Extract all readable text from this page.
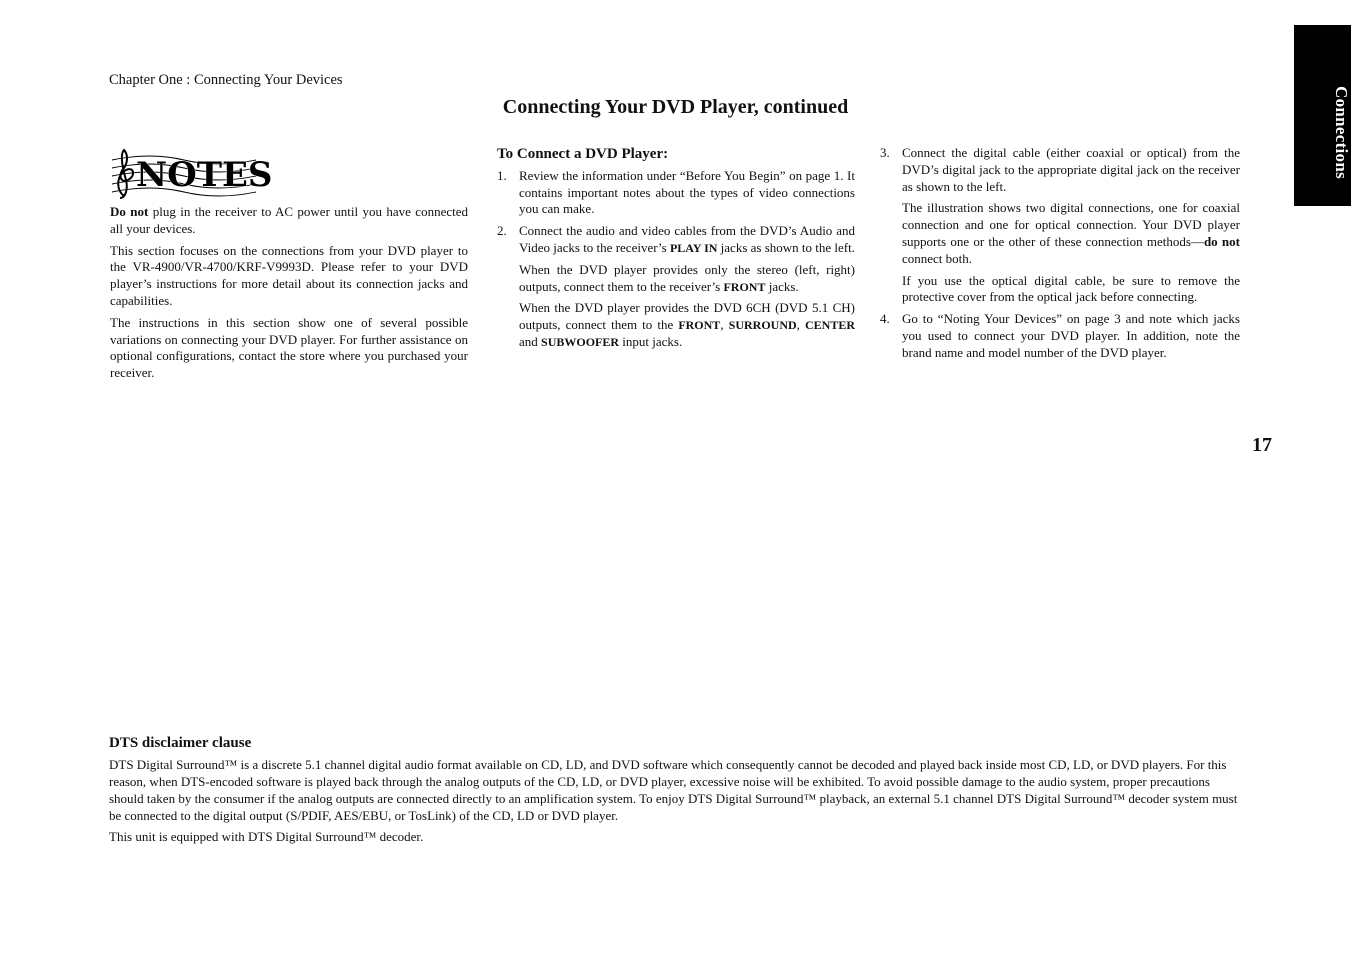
Chapter One : Connecting Your Devices
Connecting Your DVD Player, continued	Connections
17
NOTES

Do not plug in the receiver to AC power until you have connected all your devices.

This section focuses on the connections from your DVD player to the VR-4900/VR-4700/KRF-V9993D. Please refer to your DVD player’s instructions for more detail about its connection jacks and capabilities.

The instructions in this section show one of several possible variations on connecting your DVD player. For further assistance on optional configurations, contact the store where you purchased your receiver.

To Connect a DVD Player:
1. Review the information under “Before You Begin” on page 1. It contains important notes about the types of video connections you can make.

2. Connect the audio and video cables from the DVD’s Audio and Video jacks to the receiver’s PLAY IN jacks as shown to the left.

When the DVD player provides only the stereo (left, right) outputs, connect them to the receiver’s FRONT jacks.

When the DVD player provides the DVD 6CH (DVD 5.1 CH) outputs, connect them to the FRONT, SURROUND, CENTER and SUBWOOFER input jacks.

3. Connect the digital cable (either coaxial or optical) from the DVD’s digital jack to the appropriate digital jack on the receiver as shown to the left.

The illustration shows two digital connections, one for coaxial connection and one for optical connection. Your DVD player supports one or the other of these connection methods—do not connect both.

If you use the optical digital cable, be sure to remove the protective cover from the optical jack before connecting.

4. Go to “Noting Your Devices” on page 3 and note which jacks you used to connect your DVD player. In addition, note the brand name and model number of the DVD player.

DTS disclaimer clause

DTS Digital Surround™ is a discrete 5.1 channel digital audio format available on CD, LD, and DVD software which consequently cannot be decoded and played back inside most CD, LD, or DVD players. For this reason, when DTS-encoded software is played back through the analog outputs of the CD, LD, or DVD player, excessive noise will be exhibited. To avoid possible damage to the audio system, proper precautions should taken by the consumer if the analog outputs are connected directly to an amplification system. To enjoy DTS Digital Surround™ playback, an external 5.1 channel DTS Digital Surround™ decoder system must be connected to the digital output (S/PDIF, AES/EBU, or TosLink) of the CD, LD or DVD player.

This unit is equipped with DTS Digital Surround™ decoder.
